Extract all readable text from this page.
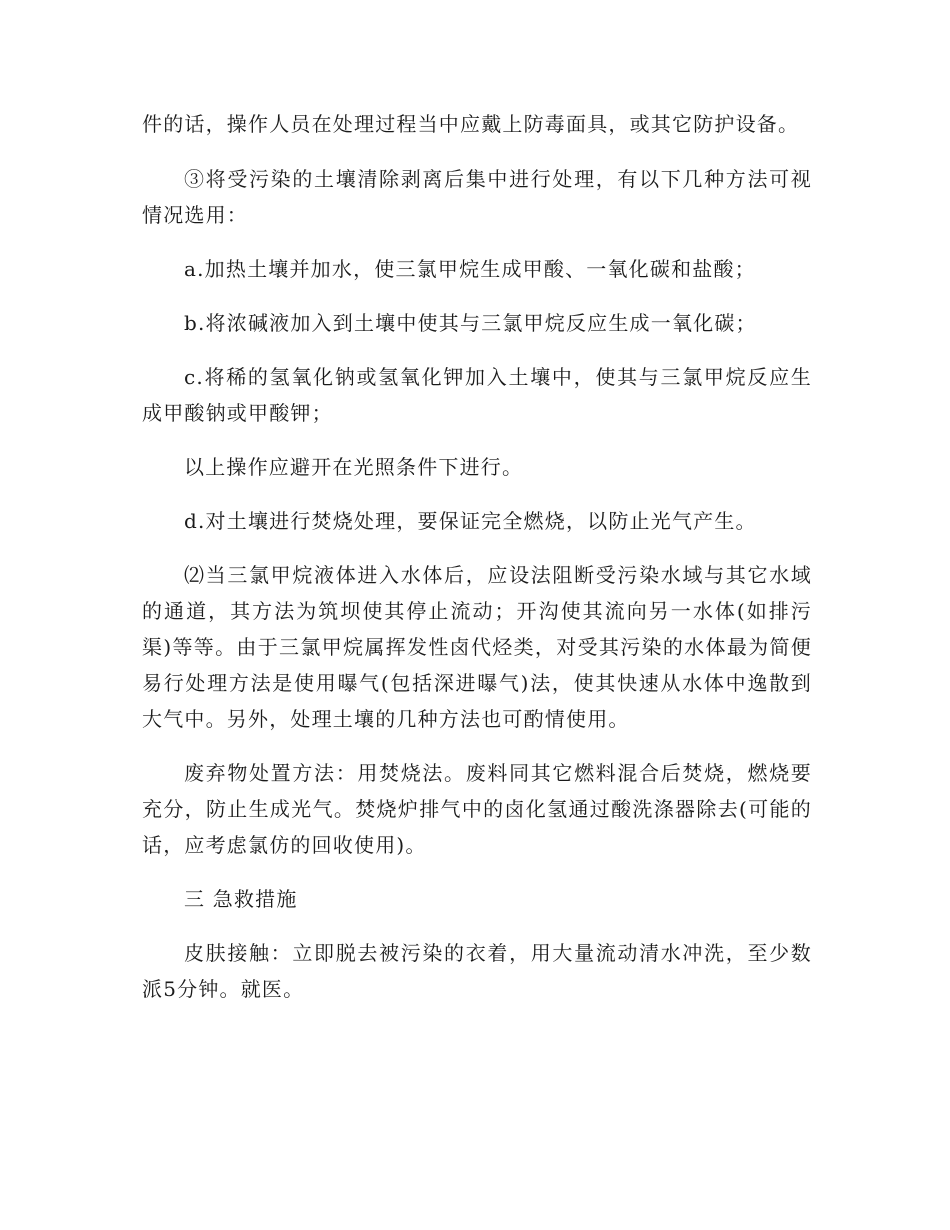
件的话，操作人员在处理过程当中应戴上防毒面具，或其它防护设备。

③将受污染的土壤清除剥离后集中进行处理，有以下几种方法可视情况选用：

a.加热土壤并加水，使三氯甲烷生成甲酸、一氧化碳和盐酸；

b.将浓碱液加入到土壤中使其与三氯甲烷反应生成一氧化碳；

c.将稀的氢氧化钠或氢氧化钾加入土壤中，使其与三氯甲烷反应生成甲酸钠或甲酸钾；

以上操作应避开在光照条件下进行。

d.对土壤进行焚烧处理，要保证完全燃烧，以防止光气产生。

⑵当三氯甲烷液体进入水体后，应设法阻断受污染水域与其它水域的通道，其方法为筑坝使其停止流动；开沟使其流向另一水体(如排污渠)等等。由于三氯甲烷属挥发性卤代烃类，对受其污染的水体最为简便易行处理方法是使用曝气(包括深进曝气)法，使其快速从水体中逸散到大气中。另外，处理土壤的几种方法也可酌情使用。

废弃物处置方法：用焚烧法。废料同其它燃料混合后焚烧，燃烧要充分，防止生成光气。焚烧炉排气中的卤化氢通过酸洗涤器除去(可能的话，应考虑氯仿的回收使用)。

三 急救措施

皮肤接触：立即脱去被污染的衣着，用大量流动清水冲洗，至少数派5分钟。就医。
